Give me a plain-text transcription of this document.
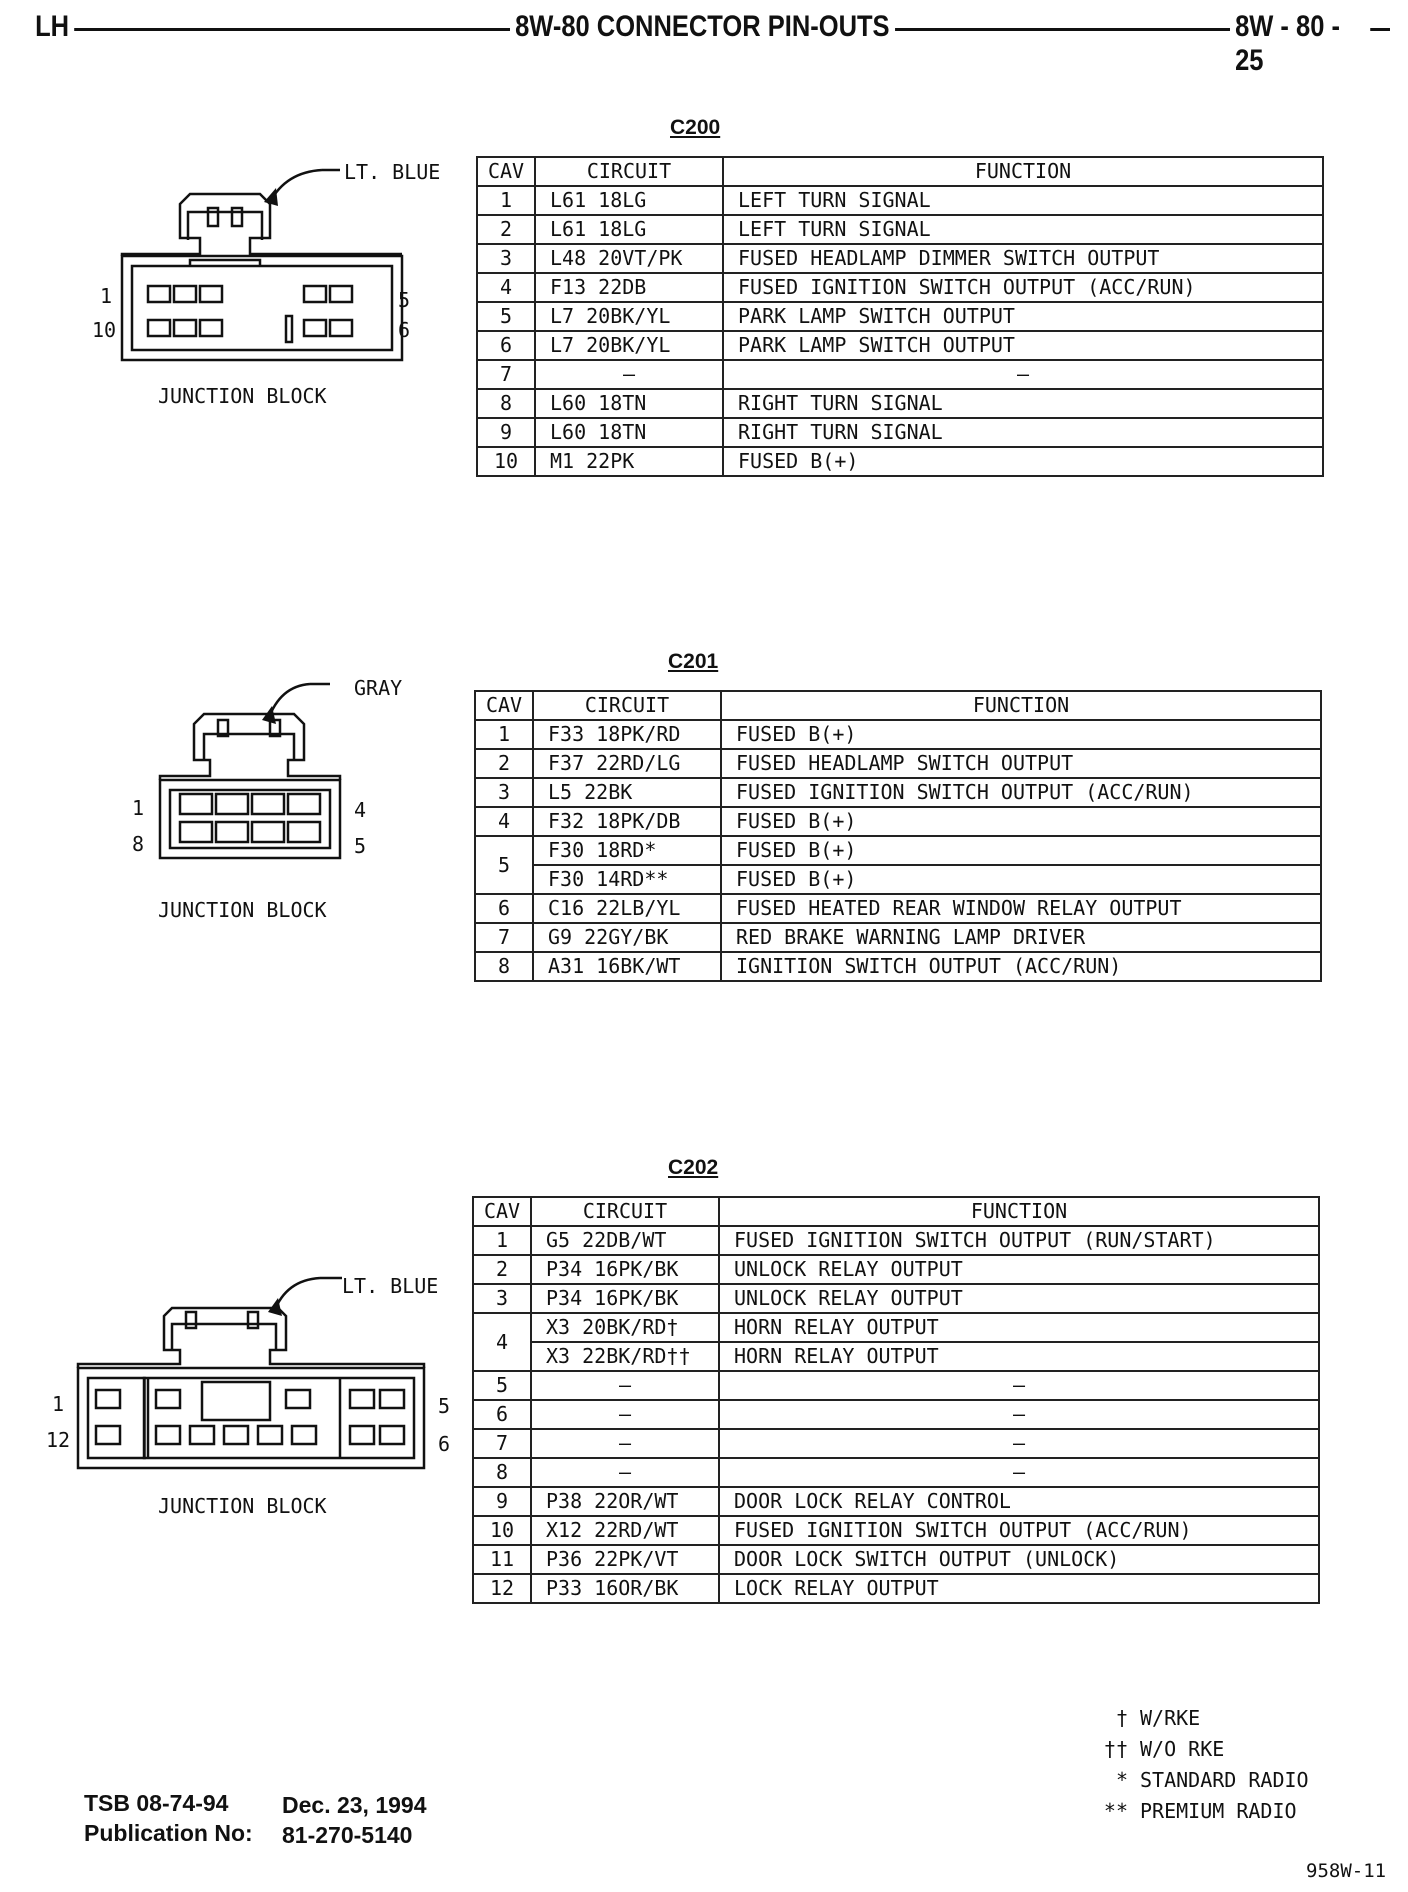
LH	8W-80 CONNECTOR PIN-OUTS	8W - 80 - 25
C200
CAV	CIRCUIT	FUNCTION
1	L61 18LG	LEFT TURN SIGNAL
2	L61 18LG	LEFT TURN SIGNAL
3	L48 20VT/PK	FUSED HEADLAMP DIMMER SWITCH OUTPUT
4	F13 22DB	FUSED IGNITION SWITCH OUTPUT (ACC/RUN)
5	L7 20BK/YL	PARK LAMP SWITCH OUTPUT
6	L7 20BK/YL	PARK LAMP SWITCH OUTPUT
7	–	–
8	L60 18TN	RIGHT TURN SIGNAL
9	L60 18TN	RIGHT TURN SIGNAL
10	M1 22PK	FUSED B(+)
LT. BLUE
1
10
5
6
JUNCTION BLOCK
C201
CAV	CIRCUIT	FUNCTION
1	F33 18PK/RD	FUSED B(+)
2	F37 22RD/LG	FUSED HEADLAMP SWITCH OUTPUT
3	L5 22BK	FUSED IGNITION SWITCH OUTPUT (ACC/RUN)
4	F32 18PK/DB	FUSED B(+)
5	F30 18RD*	FUSED B(+)
	F30 14RD**	FUSED B(+)
6	C16 22LB/YL	FUSED HEATED REAR WINDOW RELAY OUTPUT
7	G9 22GY/BK	RED BRAKE WARNING LAMP DRIVER
8	A31 16BK/WT	IGNITION SWITCH OUTPUT (ACC/RUN)
GRAY
1
8
4
5
JUNCTION BLOCK
C202
CAV	CIRCUIT	FUNCTION
1	G5 22DB/WT	FUSED IGNITION SWITCH OUTPUT (RUN/START)
2	P34 16PK/BK	UNLOCK RELAY OUTPUT
3	P34 16PK/BK	UNLOCK RELAY OUTPUT
4	X3 20BK/RD†	HORN RELAY OUTPUT
	X3 22BK/RD††	HORN RELAY OUTPUT
5	–	–
6	–	–
7	–	–
8	–	–
9	P38 22OR/WT	DOOR LOCK RELAY CONTROL
10	X12 22RD/WT	FUSED IGNITION SWITCH OUTPUT (ACC/RUN)
11	P36 22PK/VT	DOOR LOCK SWITCH OUTPUT (UNLOCK)
12	P33 16OR/BK	LOCK RELAY OUTPUT
LT. BLUE
1
12
5
6
JUNCTION BLOCK
† W/RKE
†† W/O RKE
* STANDARD RADIO
** PREMIUM RADIO
TSB 08-74-94 Dec. 23, 1994
Publication No: 81-270-5140
958W-11
